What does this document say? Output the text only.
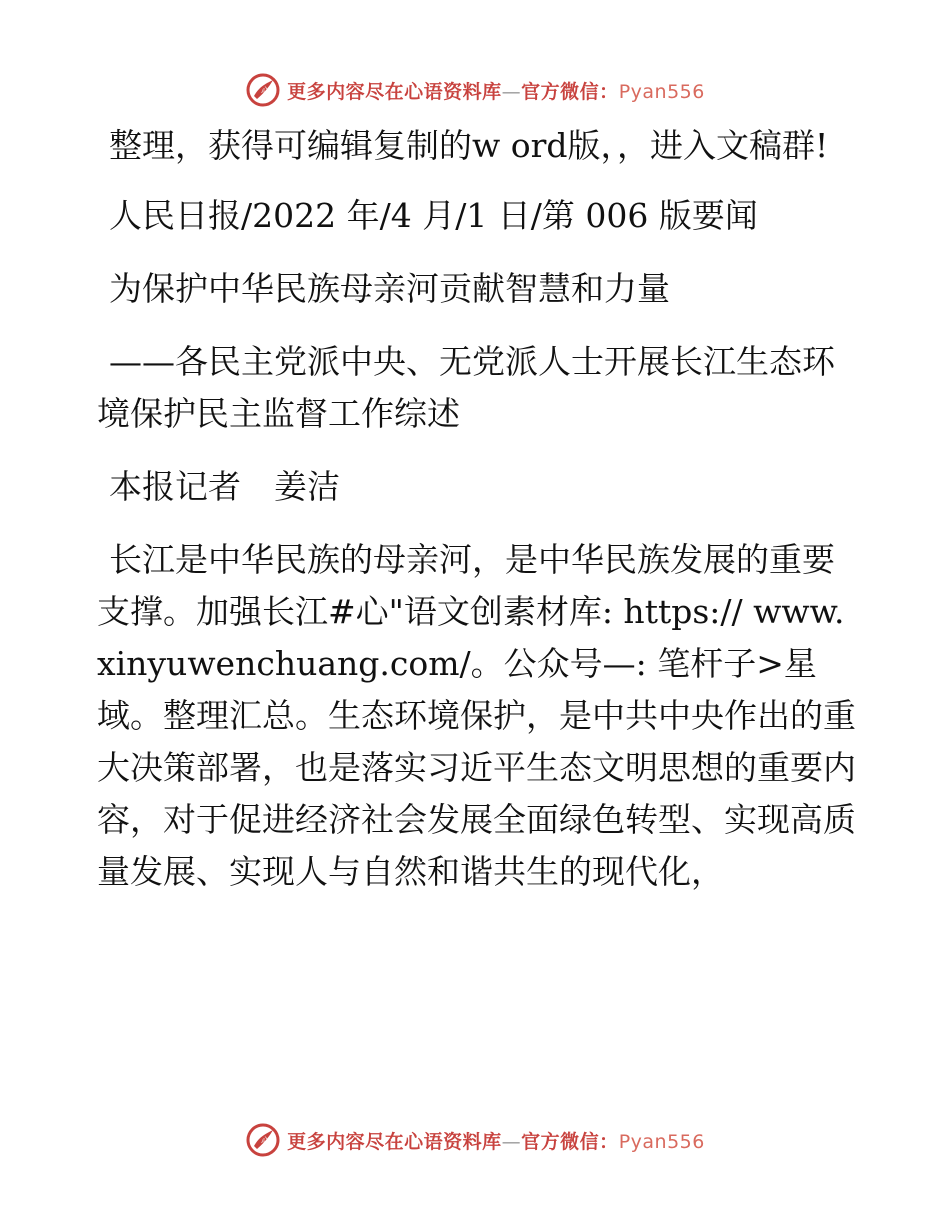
心 更多内容尽在心语资料库—官方微信：Pyan556

整理，获得可编辑复制的w ord版，，进入文稿群!

人民日报/2022 年/4 月/1 日/第 006 版要闻

为保护中华民族母亲河贡献智慧和力量

——各民主党派中央、无党派人士开展长江生态环境保护民主监督工作综述

本报记者　姜洁

长江是中华民族的母亲河，是中华民族发展的重要支撑。加强长江#心"语文创素材库: https:// www.xinyuwenchuang.com/。公众号—: 笔杆子>星域。整理汇总。生态环境保护，是中共中央作出的重大决策部署，也是落实习近平生态文明思想的重要内容，对于促进经济社会发展全面绿色转型、实现高质量发展、实现人与自然和谐共生的现代化，

心 更多内容尽在心语资料库—官方微信：Pyan556
